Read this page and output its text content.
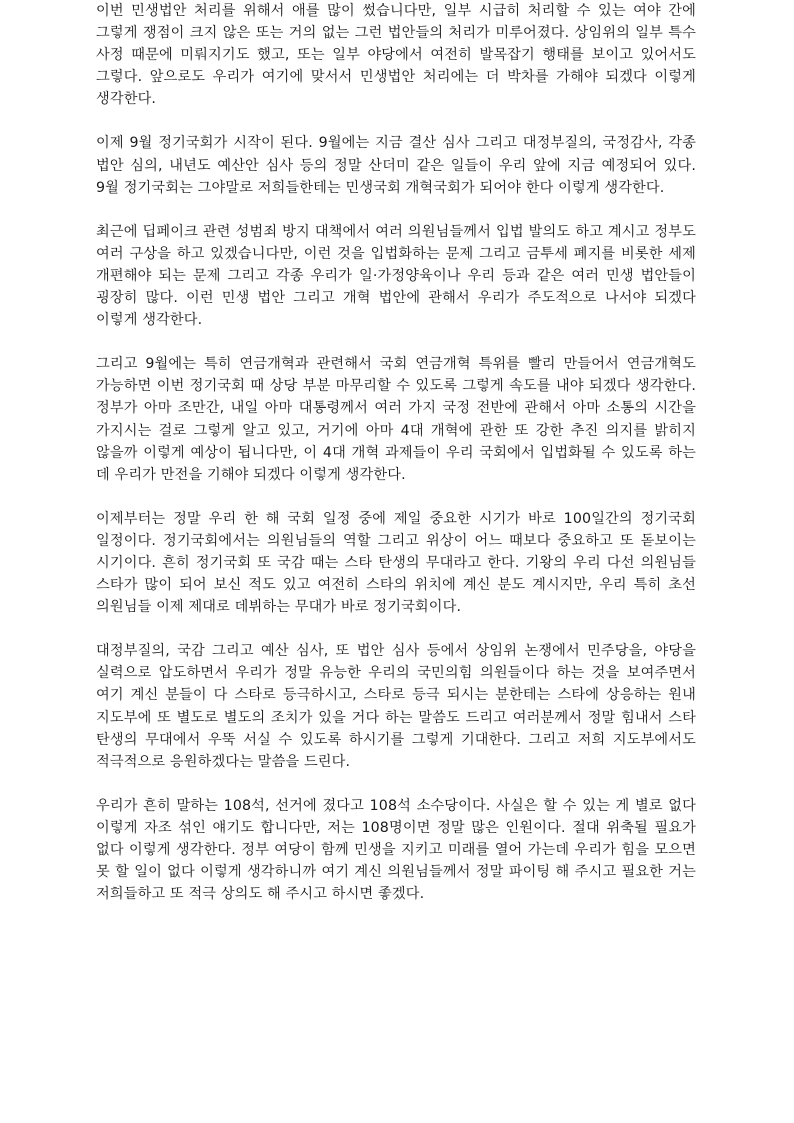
이번 민생법안 처리를 위해서 애를 많이 썼습니다만, 일부 시급히 처리할 수 있는 여야 간에 그렇게 쟁점이 크지 않은 또는 거의 없는 그런 법안들의 처리가 미루어졌다. 상임위의 일부 특수 사정 때문에 미뤄지기도 했고, 또는 일부 야당에서 여전히 발목잡기 행태를 보이고 있어서도 그렇다. 앞으로도 우리가 여기에 맞서서 민생법안 처리에는 더 박차를 가해야 되겠다 이렇게 생각한다.

이제 9월 정기국회가 시작이 된다. 9월에는 지금 결산 심사 그리고 대정부질의, 국정감사, 각종 법안 심의, 내년도 예산안 심사 등의 정말 산더미 같은 일들이 우리 앞에 지금 예정되어 있다. 9월 정기국회는 그야말로 저희들한테는 민생국회 개혁국회가 되어야 한다 이렇게 생각한다.

최근에 딥페이크 관련 성범죄 방지 대책에서 여러 의원님들께서 입법 발의도 하고 계시고 정부도 여러 구상을 하고 있겠습니다만, 이런 것을 입법화하는 문제 그리고 금투세 폐지를 비롯한 세제 개편해야 되는 문제 그리고 각종 우리가 일·가정양육이나 우리 등과 같은 여러 민생 법안들이 굉장히 많다. 이런 민생 법안 그리고 개혁 법안에 관해서 우리가 주도적으로 나서야 되겠다 이렇게 생각한다.

그리고 9월에는 특히 연금개혁과 관련해서 국회 연금개혁 특위를 빨리 만들어서 연금개혁도 가능하면 이번 정기국회 때 상당 부분 마무리할 수 있도록 그렇게 속도를 내야 되겠다 생각한다. 정부가 아마 조만간, 내일 아마 대통령께서 여러 가지 국정 전반에 관해서 아마 소통의 시간을 가지시는 걸로 그렇게 알고 있고, 거기에 아마 4대 개혁에 관한 또 강한 추진 의지를 밝히지 않을까 이렇게 예상이 됩니다만, 이 4대 개혁 과제들이 우리 국회에서 입법화될 수 있도록 하는 데 우리가 만전을 기해야 되겠다 이렇게 생각한다.

이제부터는 정말 우리 한 해 국회 일정 중에 제일 중요한 시기가 바로 100일간의 정기국회 일정이다. 정기국회에서는 의원님들의 역할 그리고 위상이 어느 때보다 중요하고 또 돋보이는 시기이다. 흔히 정기국회 또 국감 때는 스타 탄생의 무대라고 한다. 기왕의 우리 다선 의원님들 스타가 많이 되어 보신 적도 있고 여전히 스타의 위치에 계신 분도 계시지만, 우리 특히 초선 의원님들 이제 제대로 데뷔하는 무대가 바로 정기국회이다.

대정부질의, 국감 그리고 예산 심사, 또 법안 심사 등에서 상임위 논쟁에서 민주당을, 야당을 실력으로 압도하면서 우리가 정말 유능한 우리의 국민의힘 의원들이다 하는 것을 보여주면서 여기 계신 분들이 다 스타로 등극하시고, 스타로 등극 되시는 분한테는 스타에 상응하는 원내 지도부에 또 별도로 별도의 조치가 있을 거다 하는 말씀도 드리고 여러분께서 정말 힘내서 스타 탄생의 무대에서 우뚝 서실 수 있도록 하시기를 그렇게 기대한다. 그리고 저희 지도부에서도 적극적으로 응원하겠다는 말씀을 드린다.

우리가 흔히 말하는 108석, 선거에 졌다고 108석 소수당이다. 사실은 할 수 있는 게 별로 없다 이렇게 자조 섞인 얘기도 합니다만, 저는 108명이면 정말 많은 인원이다. 절대 위축될 필요가 없다 이렇게 생각한다. 정부 여당이 함께 민생을 지키고 미래를 열어 가는데 우리가 힘을 모으면 못 할 일이 없다 이렇게 생각하니까 여기 계신 의원님들께서 정말 파이팅 해 주시고 필요한 거는 저희들하고 또 적극 상의도 해 주시고 하시면 좋겠다.
